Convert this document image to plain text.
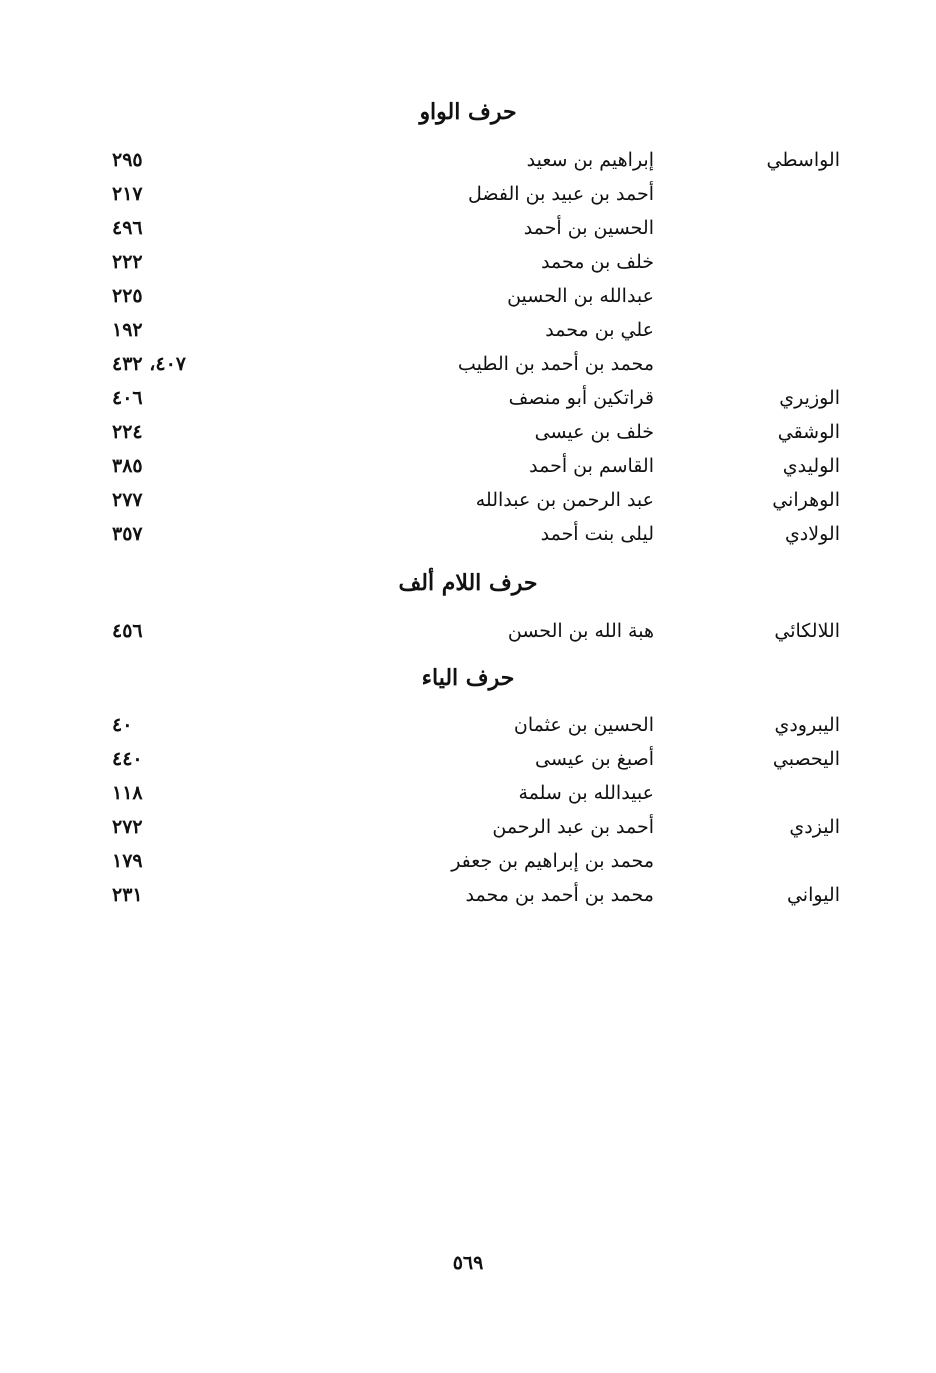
حرف الواو
الواسطي
إبراهيم بن سعيد
٢٩٥
أحمد بن عبيد بن الفضل
٢١٧
الحسين بن أحمد
٤٩٦
خلف بن محمد
٢٢٢
عبدالله بن الحسين
٢٢٥
علي بن محمد
١٩٢
محمد بن أحمد بن الطيب
٤٠٧، ٤٣٢
الوزيري
قراتكين أبو منصف
٤٠٦
الوشقي
خلف بن عيسى
٢٢٤
الوليدي
القاسم بن أحمد
٣٨٥
الوهراني
عبد الرحمن بن عبدالله
٢٧٧
الولادي
ليلى بنت أحمد
٣٥٧
حرف اللام ألف
اللالكائي
هبة الله بن الحسن
٤٥٦
حرف الياء
اليبرودي
الحسين بن عثمان
٤٠
اليحصبي
أصبغ بن عيسى
٤٤٠
عبيدالله بن سلمة
١١٨
اليزدي
أحمد بن عبد الرحمن
٢٧٢
محمد بن إبراهيم بن جعفر
١٧٩
اليواني
محمد بن أحمد بن محمد
٢٣١
٥٦٩
